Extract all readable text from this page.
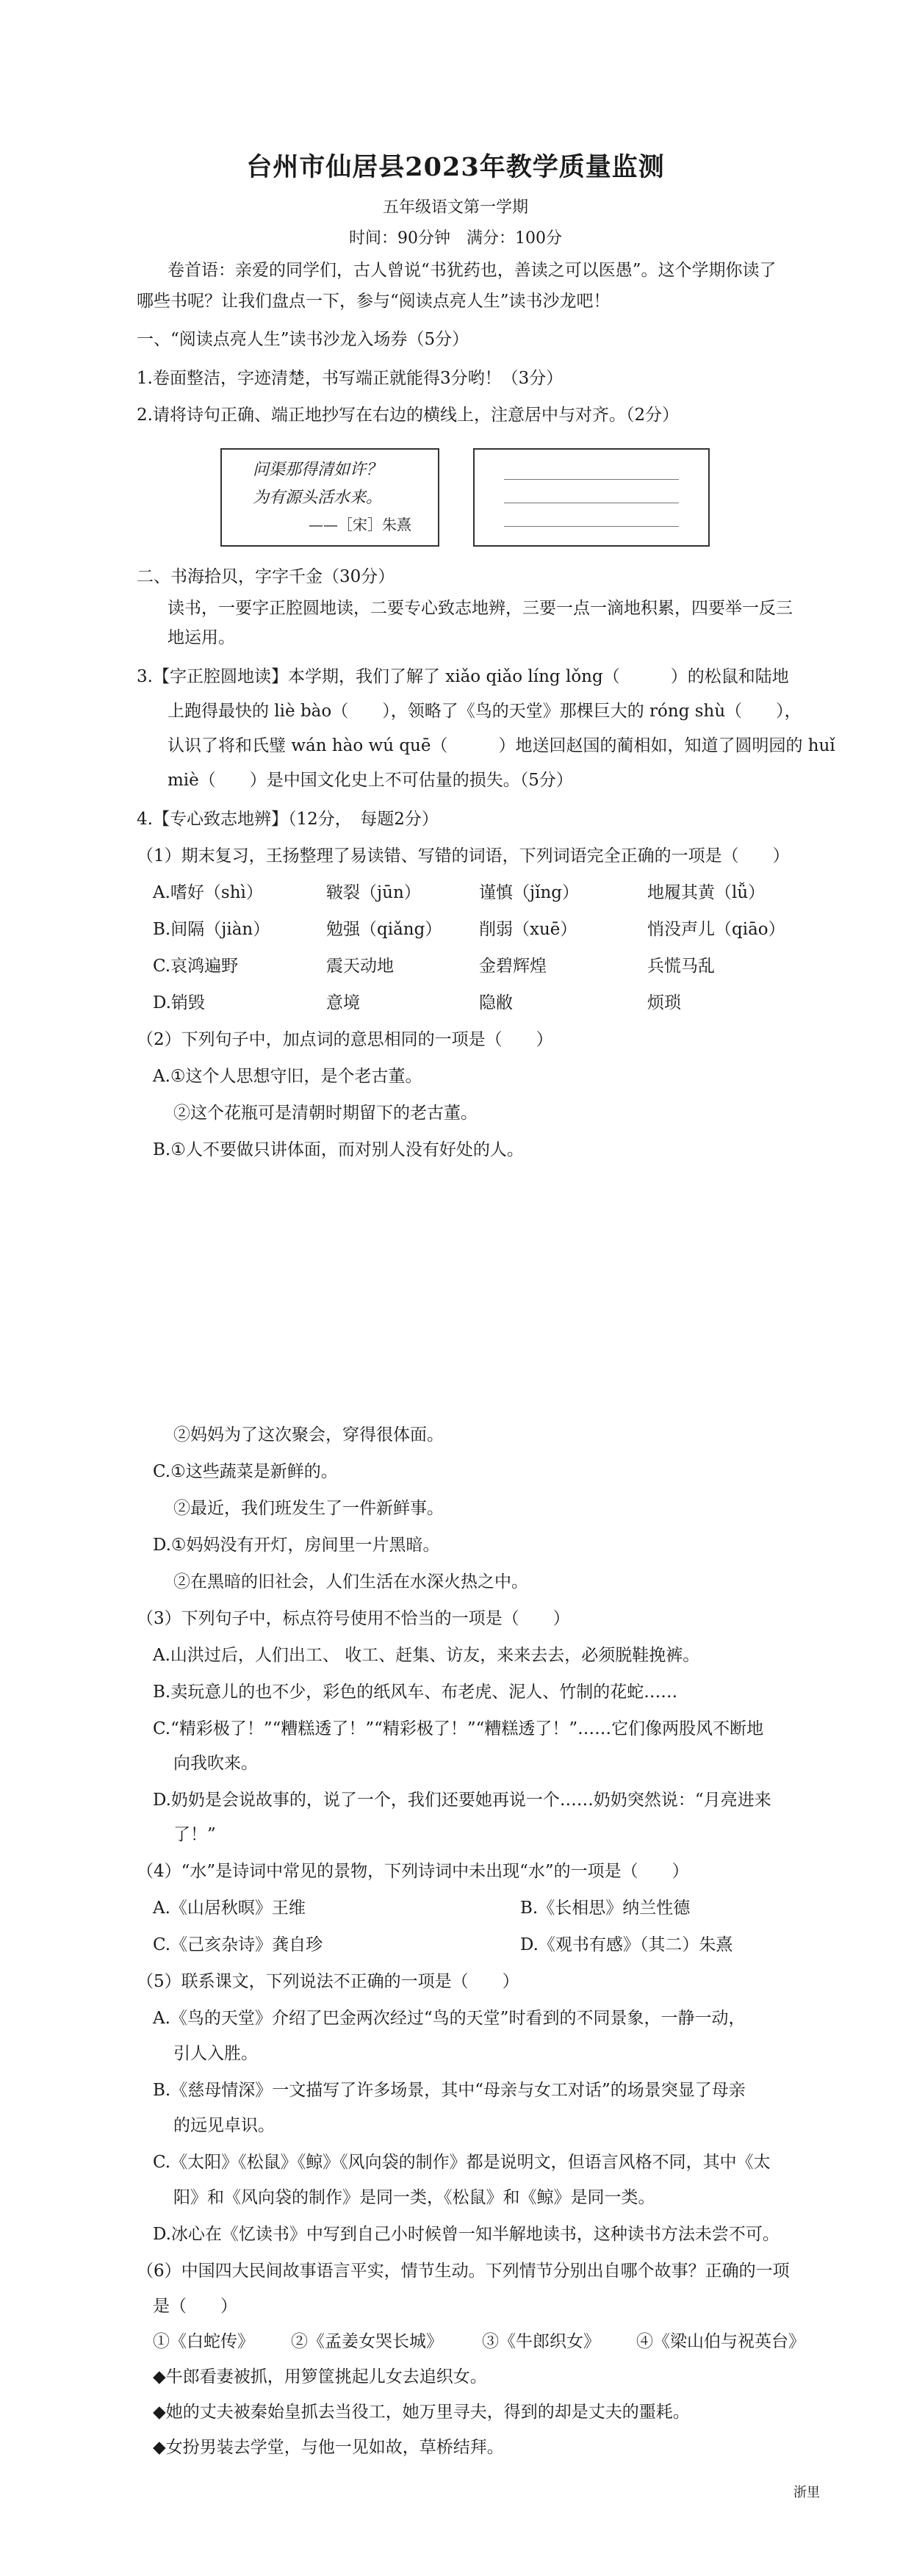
台州市仙居县2023年教学质量监测
五年级语文第一学期
时间：90分钟　满分：100分
卷首语：亲爱的同学们，古人曾说“书犹药也，善读之可以医愚”。这个学期你读了
哪些书呢？让我们盘点一下，参与“阅读点亮人生”读书沙龙吧！
一、“阅读点亮人生”读书沙龙入场券（5分）
1.卷面整洁，字迹清楚，书写端正就能得3分哟！（3分）
2.请将诗句正确、端正地抄写在右边的横线上，注意居中与对齐。（2分）
问渠那得清如许？
为有源头活水来。
——［宋］朱熹
二、书海拾贝，字字千金（30分）
读书，一要字正腔圆地读，二要专心致志地辨，三要一点一滴地积累，四要举一反三
地运用。
3.【字正腔圆地读】本学期，我们了解了 xiǎo qiǎo líng lǒng（　　　）的松鼠和陆地
上跑得最快的 liè bào（　　），领略了《鸟的天堂》那棵巨大的 róng shù（　　），
认识了将和氏璧 wán hào wú quē（　　　）地送回赵国的蔺相如，知道了圆明园的 huǐ
miè（　　）是中国文化史上不可估量的损失。（5分）
4.【专心致志地辨】（12分，　每题2分）
（1）期末复习，王扬整理了易读错、写错的词语，下列词语完全正确的一项是（　　）
A.嗜好（shì）	皲裂（jūn）	谨慎（jǐng）	地履其黄（lǚ）
B.间隔（jiàn）	勉强（qiǎng） 削弱（xuē）	悄没声儿（qiāo）
C.哀鸿遍野	震天动地	金碧辉煌	兵慌马乱
D.销毁	意境	隐敝	烦琐
（2）下列句子中，加点词的意思相同的一项是（　　）
A.①这个人思想守旧，是个老古董。
②这个花瓶可是清朝时期留下的老古董。
B.①人不要做只讲体面，而对别人没有好处的人。
②妈妈为了这次聚会，穿得很体面。
C.①这些蔬菜是新鲜的。
②最近，我们班发生了一件新鲜事。
D.①妈妈没有开灯，房间里一片黑暗。
②在黑暗的旧社会，人们生活在水深火热之中。
（3）下列句子中，标点符号使用不恰当的一项是（　　）
A.山洪过后，人们出工、 收工、赶集、访友，来来去去，必须脱鞋挽裤。
B.卖玩意儿的也不少，彩色的纸风车、布老虎、泥人、竹制的花蛇……
C.“精彩极了！”“糟糕透了！”“精彩极了！”“糟糕透了！”……它们像两股风不断地
向我吹来。
D.奶奶是会说故事的，说了一个，我们还要她再说一个……奶奶突然说：“月亮进来
了！”
（4）“水”是诗词中常见的景物，下列诗词中未出现“水”的一项是（　　）
A.《山居秋暝》王维	B.《长相思》纳兰性德
C.《己亥杂诗》龚自珍	D.《观书有感》（其二）朱熹
（5）联系课文，下列说法不正确的一项是（　　）
A.《鸟的天堂》介绍了巴金两次经过“鸟的天堂”时看到的不同景象，一静一动，
引人入胜。
B.《慈母情深》一文描写了许多场景，其中“母亲与女工对话”的场景突显了母亲
的远见卓识。
C.《太阳》《松鼠》《鲸》《风向袋的制作》都是说明文，但语言风格不同，其中《太
阳》和《风向袋的制作》是同一类，《松鼠》和《鲸》是同一类。
D.冰心在《忆读书》中写到自己小时候曾一知半解地读书，这种读书方法未尝不可。
（6）中国四大民间故事语言平实，情节生动。下列情节分别出自哪个故事？正确的一项
是（　　）
①《白蛇传》 ②《孟姜女哭长城》 ③《牛郎织女》 ④《梁山伯与祝英台》
◆牛郎看妻被抓，用箩筐挑起儿女去追织女。
◆她的丈夫被秦始皇抓去当役工，她万里寻夫，得到的却是丈夫的噩耗。
◆女扮男装去学堂，与他一见如故，草桥结拜。
浙里
